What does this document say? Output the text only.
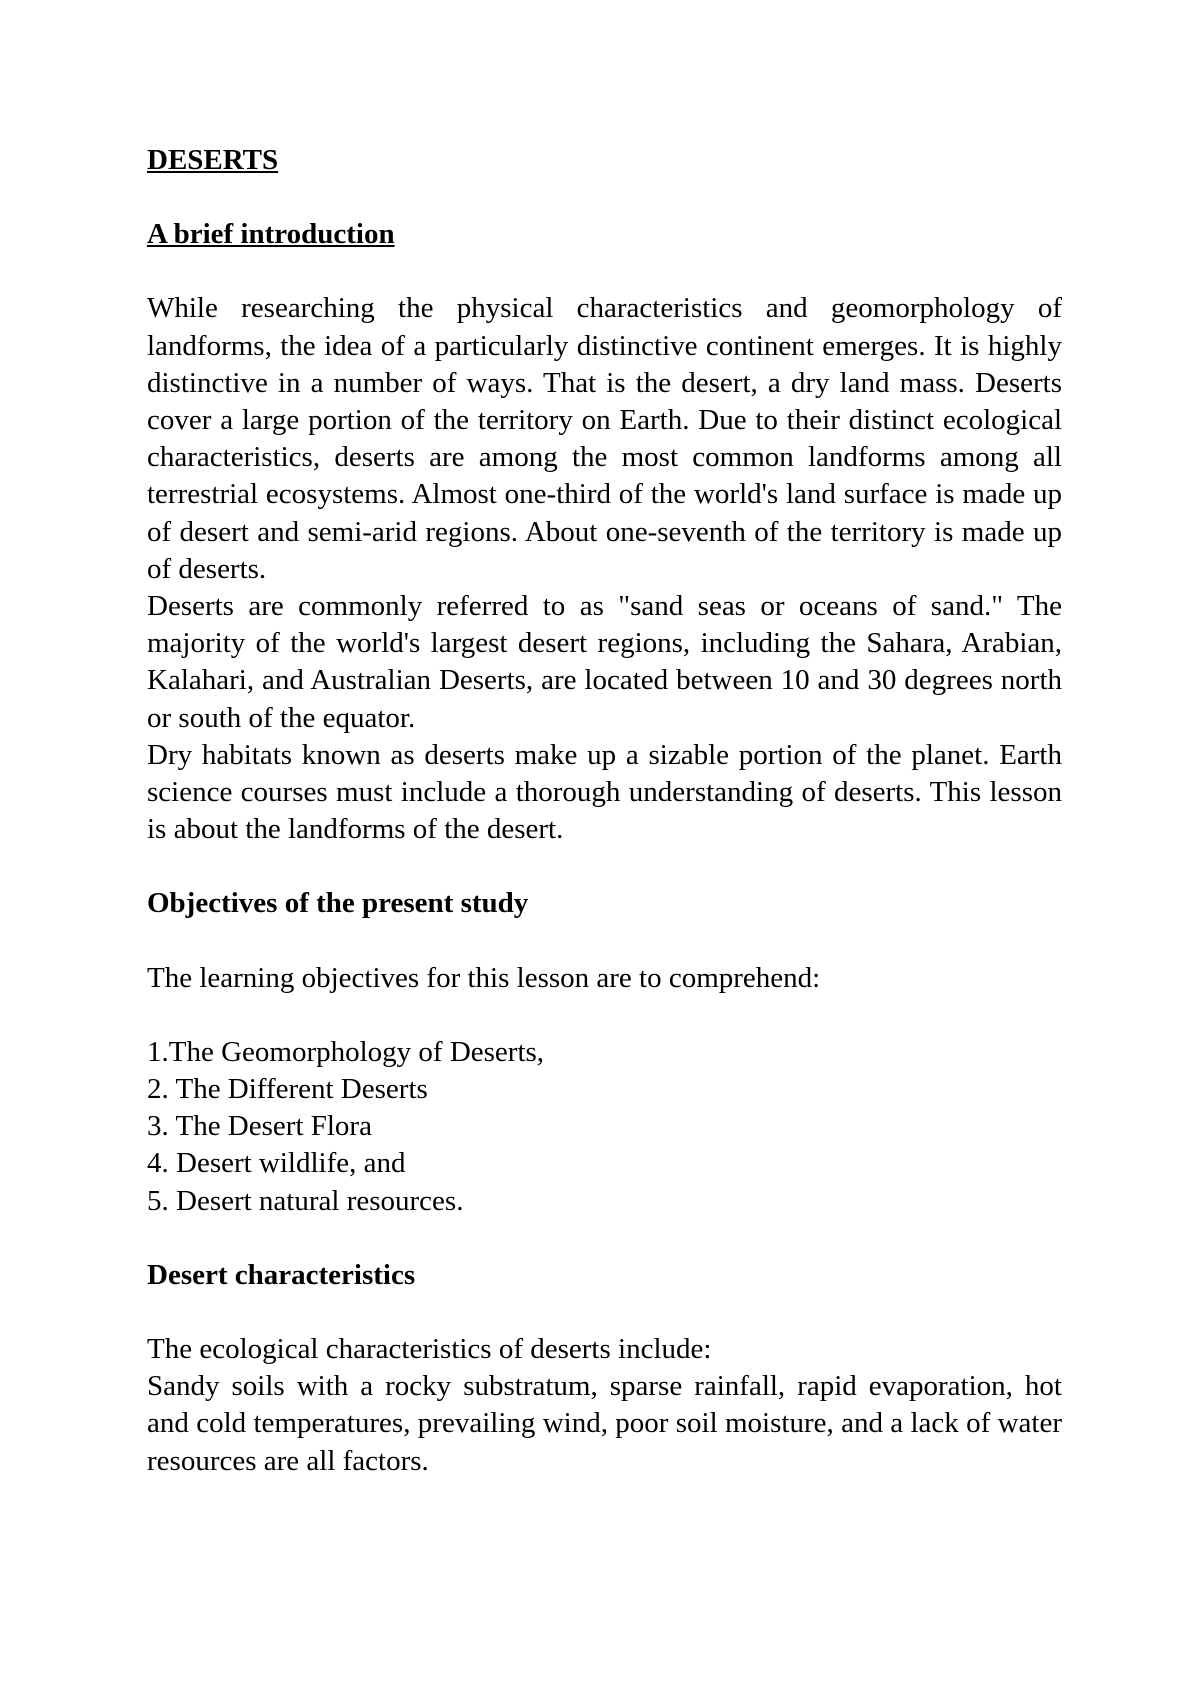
DESERTS

A brief introduction

While researching the physical characteristics and geomorphology of landforms, the idea of a particularly distinctive continent emerges. It is highly distinctive in a number of ways. That is the desert, a dry land mass. Deserts cover a large portion of the territory on Earth. Due to their distinct ecological characteristics, deserts are among the most common landforms among all terrestrial ecosystems. Almost one-third of the world's land surface is made up of desert and semi-arid regions. About one-seventh of the territory is made up of deserts.

Deserts are commonly referred to as "sand seas or oceans of sand." The majority of the world's largest desert regions, including the Sahara, Arabian, Kalahari, and Australian Deserts, are located between 10 and 30 degrees north or south of the equator.

Dry habitats known as deserts make up a sizable portion of the planet. Earth science courses must include a thorough understanding of deserts. This lesson is about the landforms of the desert.

Objectives of the present study

The learning objectives for this lesson are to comprehend:

1.The Geomorphology of Deserts,
2. The Different Deserts
3. The Desert Flora
4. Desert wildlife, and
5. Desert natural resources.

Desert characteristics

The ecological characteristics of deserts include:

Sandy soils with a rocky substratum, sparse rainfall, rapid evaporation, hot and cold temperatures, prevailing wind, poor soil moisture, and a lack of water resources are all factors.
